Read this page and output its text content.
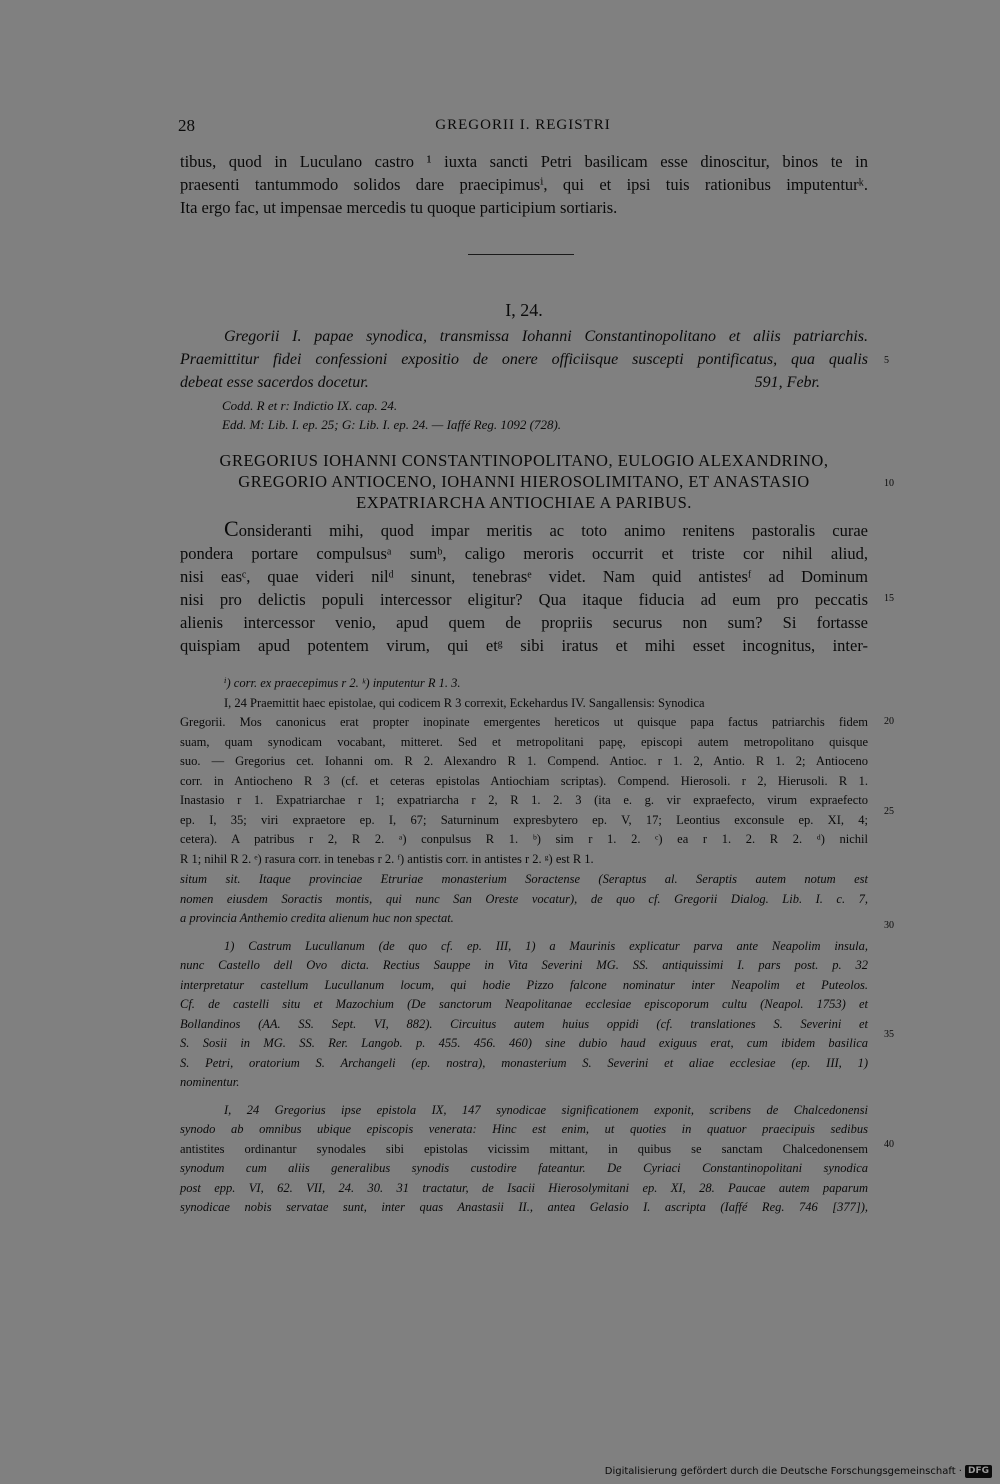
28	GREGORII I. REGISTRI

tibus, quod in Luculano castro ¹ iuxta sancti Petri basilicam esse dinoscitur, binos te in

praesenti tantummodo solidos dare praecipimusⁱ, qui et ipsi tuis rationibus imputenturᵏ.

Ita ergo fac, ut impensae mercedis tu quoque participium sortiaris.

I, 24.

Gregorii I. papae synodica, transmissa Iohanni Constantinopolitano et aliis patriarchis.

Praemittitur fidei confessioni expositio de onere officiisque suscepti pontificatus, qua qualis

debeat esse sacerdos docetur.	591, Febr.

Codd. R et r: Indictio IX. cap. 24.

Edd. M: Lib. I. ep. 25; G: Lib. I. ep. 24. — Iaffé Reg. 1092 (728).

GREGORIUS IOHANNI CONSTANTINOPOLITANO, EULOGIO ALEXANDRINO,
GREGORIO ANTIOCENO, IOHANNI HIEROSOLIMITANO, ET ANASTASIO
EXPATRIARCHA ANTIOCHIAE A PARIBUS.

Consideranti mihi, quod impar meritis ac toto animo renitens pastoralis curae

pondera portare compulsusᵃ sumᵇ, caligo meroris occurrit et triste cor nihil aliud,

nisi easᶜ, quae videri nilᵈ sinunt, tenebrasᵉ videt. Nam quid antistesᶠ ad Dominum

nisi pro delictis populi intercessor eligitur? Qua itaque fiducia ad eum pro peccatis

alienis intercessor venio, apud quem de propriis securus non sum? Si fortasse

quispiam apud potentem virum, qui etᵍ sibi iratus et mihi esset incognitus, inter-

ⁱ) corr. ex praecepimus r 2. ᵏ) inputentur R 1. 3.

I, 24 Praemittit haec epistolae, qui codicem R 3 correxit, Eckehardus IV. Sangallensis: Synodica

Gregorii. Mos canonicus erat propter inopinate emergentes hereticos ut quisque papa factus patriarchis fidem

suam, quam synodicam vocabant, mitteret. Sed et metropolitani papę, episcopi autem metropolitano quisque

suo. — Gregorius cet. Iohanni om. R 2. Alexandro R 1. Compend. Antioc. r 1. 2, Antio. R 1. 2; Antioceno

corr. in Antiocheno R 3 (cf. et ceteras epistolas Antiochiam scriptas). Compend. Hierosoli. r 2, Hierusoli. R 1.

Inastasio r 1. Expatriarchae r 1; expatriarcha r 2, R 1. 2. 3 (ita e. g. vir expraefecto, virum expraefecto

ep. I, 35; viri expraetore ep. I, 67; Saturninum expresbytero ep. V, 17; Leontius exconsule ep. XI, 4;

cetera). A patribus r 2, R 2. ᵃ) conpulsus R 1. ᵇ) sim r 1. 2. ᶜ) ea r 1. 2. R 2. ᵈ) nichil

R 1; nihil R 2. ᵉ) rasura corr. in tenebas r 2. ᶠ) antistis corr. in antistes r 2. ᵍ) est R 1.

situm sit. Itaque provinciae Etruriae monasterium Soractense (Seraptus al. Seraptis autem notum est

nomen eiusdem Soractis montis, qui nunc San Oreste vocatur), de quo cf. Gregorii Dialog. Lib. I. c. 7,

a provincia Anthemio credita alienum huc non spectat.

1) Castrum Lucullanum (de quo cf. ep. III, 1) a Maurinis explicatur parva ante Neapolim insula,

nunc Castello dell Ovo dicta. Rectius Sauppe in Vita Severini MG. SS. antiquissimi I. pars post. p. 32

interpretatur castellum Lucullanum locum, qui hodie Pizzo falcone nominatur inter Neapolim et Puteolos.

Cf. de castelli situ et Mazochium (De sanctorum Neapolitanae ecclesiae episcoporum cultu (Neapol. 1753) et

Bollandinos (AA. SS. Sept. VI, 882). Circuitus autem huius oppidi (cf. translationes S. Severini et

S. Sosii in MG. SS. Rer. Langob. p. 455. 456. 460) sine dubio haud exiguus erat, cum ibidem basilica

S. Petri, oratorium S. Archangeli (ep. nostra), monasterium S. Severini et aliae ecclesiae (ep. III, 1)

nominentur.

I, 24 Gregorius ipse epistola IX, 147 synodicae significationem exponit, scribens de Chalcedonensi

synodo ab omnibus ubique episcopis venerata: Hinc est enim, ut quoties in quatuor praecipuis sedibus

antistites ordinantur synodales sibi epistolas vicissim mittant, in quibus se sanctam Chalcedonensem

synodum cum aliis generalibus synodis custodire fateantur. De Cyriaci Constantinopolitani synodica

post epp. VI, 62. VII, 24. 30. 31 tractatur, de Isacii Hierosolymitani ep. XI, 28. Paucae autem paparum

synodicae nobis servatae sunt, inter quas Anastasii II., antea Gelasio I. ascripta (Iaffé Reg. 746 [377]),

5
10
15
20
25
30
35
40
Digitalisierung gefördert durch die Deutsche Forschungsgemeinschaft · DFG
